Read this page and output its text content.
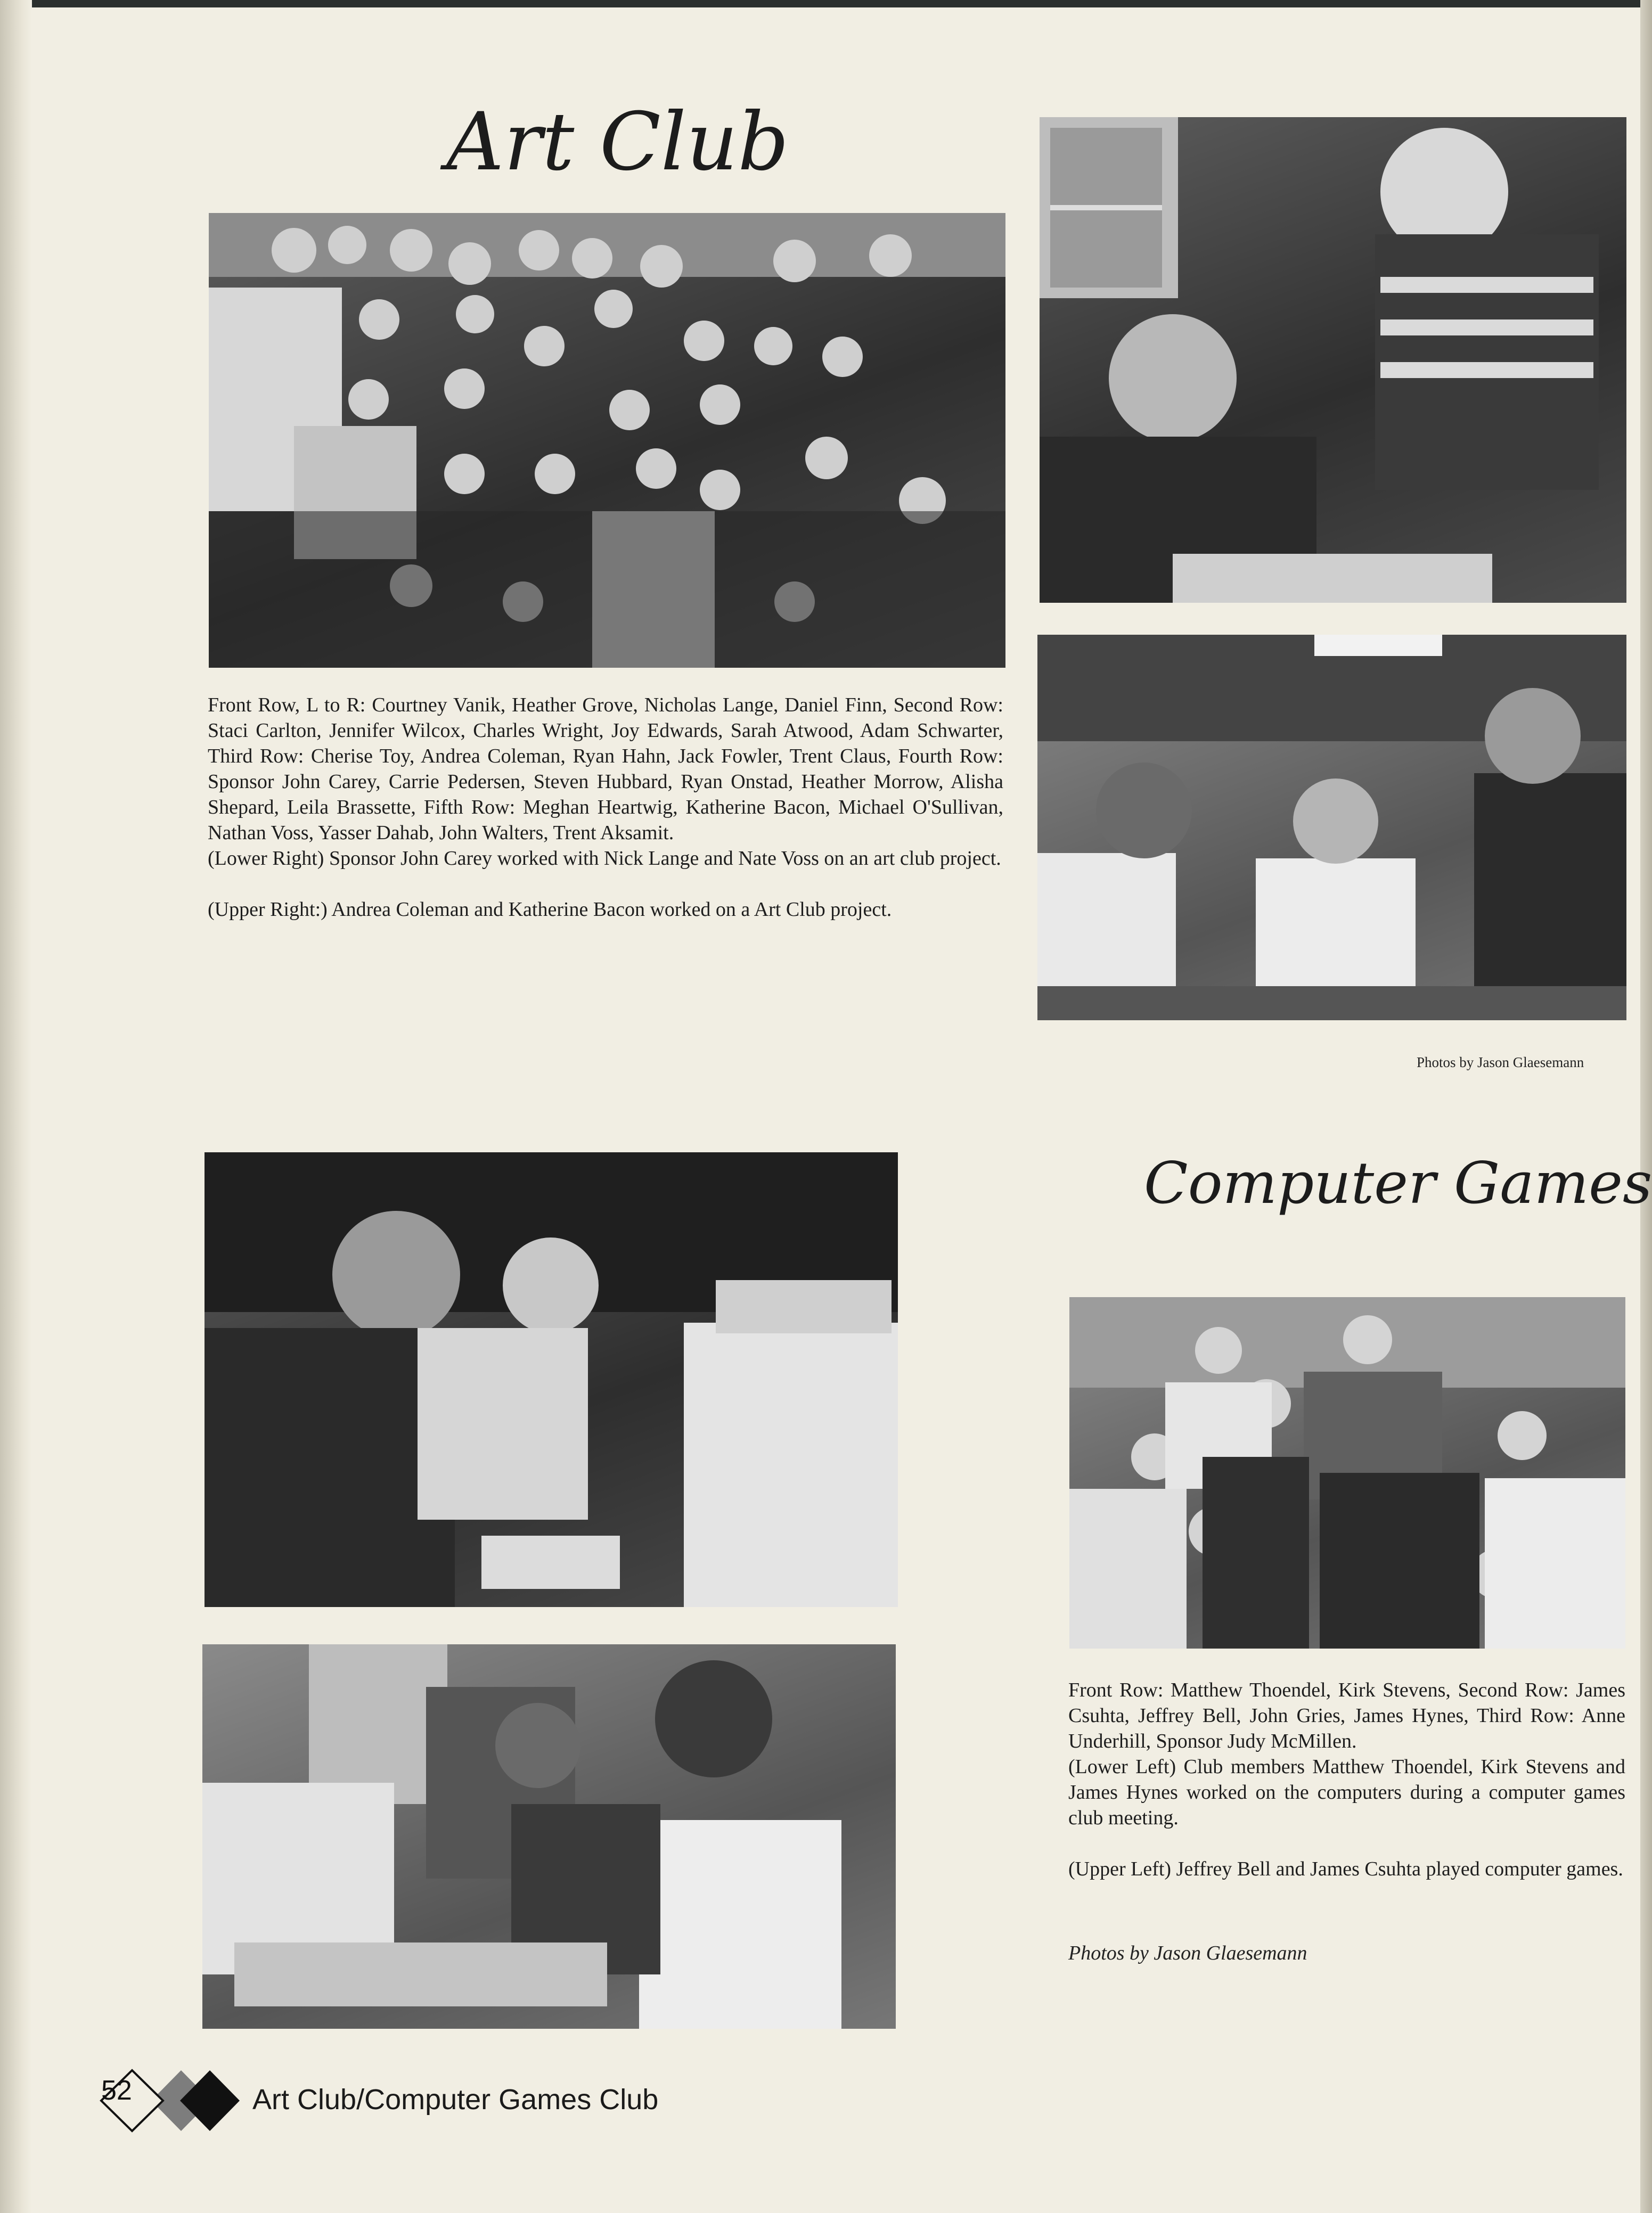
Art Club

Front Row, L to R: Courtney Vanik, Heather Grove, Nicholas Lange, Daniel Finn, Second Row: Staci Carlton, Jennifer Wilcox, Charles Wright, Joy Edwards, Sarah Atwood, Adam Schwarter, Third Row: Cherise Toy, Andrea Coleman, Ryan Hahn, Jack Fowler, Trent Claus, Fourth Row: Sponsor John Carey, Carrie Pedersen, Steven Hubbard, Ryan Onstad, Heather Morrow, Alisha Shepard, Leila Brassette, Fifth Row: Meghan Heartwig, Katherine Bacon, Michael O'Sullivan, Nathan Voss, Yasser Dahab, John Walters, Trent Aksamit.

(Lower Right) Sponsor John Carey worked with Nick Lange and Nate Voss on an art club project.

(Upper Right:) Andrea Coleman and Katherine Bacon worked on a Art Club project.

Photos by Jason Glaesemann
Computer Games

Front Row: Matthew Thoendel, Kirk Stevens, Second Row: James Csuhta, Jeffrey Bell, John Gries, James Hynes, Third Row: Anne Underhill, Sponsor Judy McMillen.

(Lower Left) Club members Matthew Thoendel, Kirk Stevens and James Hynes worked on the computers during a computer games club meeting.

(Upper Left) Jeffrey Bell and James Csuhta played computer games.

Photos by Jason Glaesemann
52	Art Club/Computer Games Club
